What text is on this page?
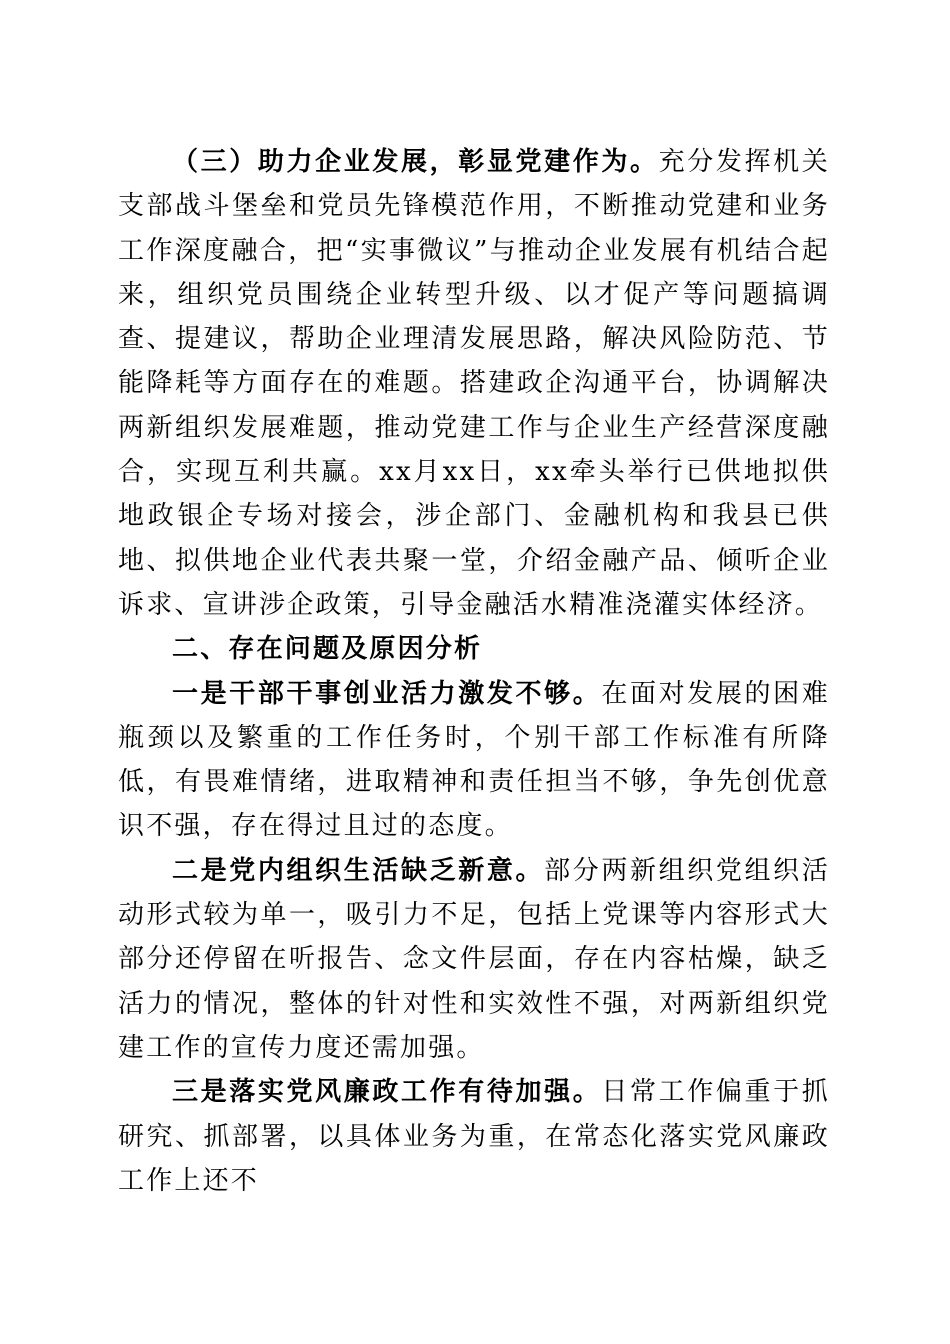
（三）助力企业发展，彰显党建作为。充分发挥机关支部战斗堡垒和党员先锋模范作用，不断推动党建和业务工作深度融合，把“实事微议”与推动企业发展有机结合起来，组织党员围绕企业转型升级、以才促产等问题搞调查、提建议，帮助企业理清发展思路，解决风险防范、节能降耗等方面存在的难题。搭建政企沟通平台，协调解决两新组织发展难题，推动党建工作与企业生产经营深度融合，实现互利共赢。xx月xx日，xx牵头举行已供地拟供地政银企专场对接会，涉企部门、金融机构和我县已供地、拟供地企业代表共聚一堂，介绍金融产品、倾听企业诉求、宣讲涉企政策，引导金融活水精准浇灌实体经济。

二、存在问题及原因分析

一是干部干事创业活力激发不够。在面对发展的困难瓶颈以及繁重的工作任务时，个别干部工作标准有所降低，有畏难情绪，进取精神和责任担当不够，争先创优意识不强，存在得过且过的态度。

二是党内组织生活缺乏新意。部分两新组织党组织活动形式较为单一，吸引力不足，包括上党课等内容形式大部分还停留在听报告、念文件层面，存在内容枯燥，缺乏活力的情况，整体的针对性和实效性不强，对两新组织党建工作的宣传力度还需加强。

三是落实党风廉政工作有待加强。日常工作偏重于抓研究、抓部署，以具体业务为重，在常态化落实党风廉政工作上还不
